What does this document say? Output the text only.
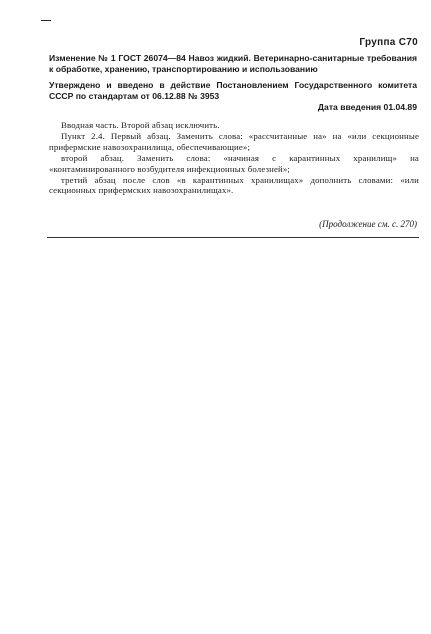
Группа С70
Изменение № 1 ГОСТ 26074—84 Навоз жидкий. Ветеринарно-санитарные требования к обработке, хранению, транспортированию и использованию
Утверждено и введено в действие Постановлением Государственного комитета СССР по стандартам от 06.12.88 № 3953
Дата введения 01.04.89

Вводная часть. Второй абзац исключить.

Пункт 2.4. Первый абзац. Заменить слова: «рассчитанные на» на «или секционные прифермские навозохранилища, обеспечивающие»;

второй абзац. Заменить слова: «начиная с карантинных хранилищ» на «контаминированного возбудителя инфекционных болезней»;

третий абзац после слов «в карантинных хранилищах» дополнить словами: «или секционных прифермских навозохранилищах».

(Продолжение см. с. 270)
